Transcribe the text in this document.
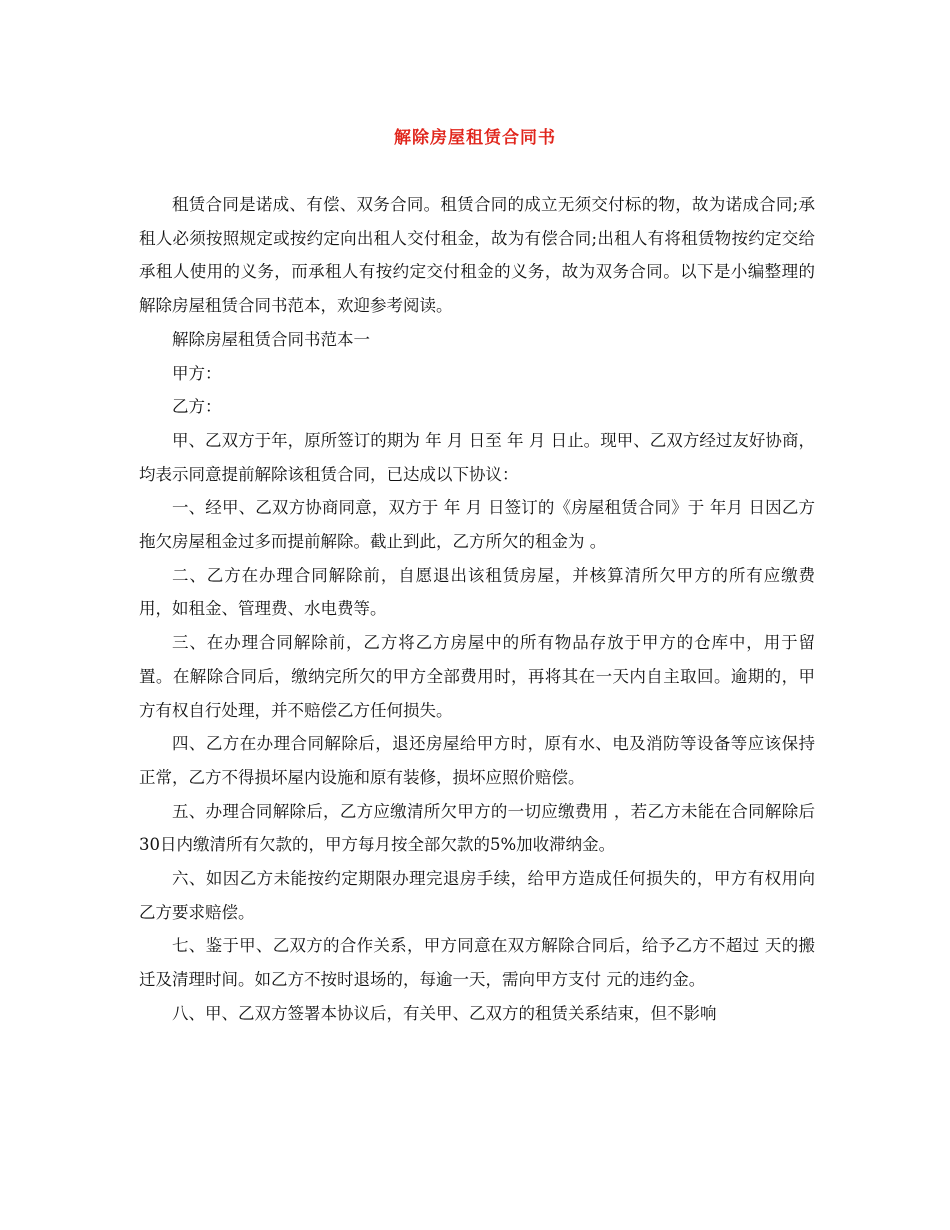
解除房屋租赁合同书

租赁合同是诺成、有偿、双务合同。租赁合同的成立无须交付标的物，故为诺成合同;承租人必须按照规定或按约定向出租人交付租金，故为有偿合同;出租人有将租赁物按约定交给承租人使用的义务，而承租人有按约定交付租金的义务，故为双务合同。以下是小编整理的解除房屋租赁合同书范本，欢迎参考阅读。

解除房屋租赁合同书范本一

甲方：

乙方：

甲、乙双方于年，原所签订的期为 年 月 日至 年 月 日止。现甲、乙双方经过友好协商，均表示同意提前解除该租赁合同，已达成以下协议：

一、经甲、乙双方协商同意，双方于 年 月 日签订的《房屋租赁合同》于 年月 日因乙方拖欠房屋租金过多而提前解除。截止到此，乙方所欠的租金为 。

二、乙方在办理合同解除前，自愿退出该租赁房屋，并核算清所欠甲方的所有应缴费用，如租金、管理费、水电费等。

三、在办理合同解除前，乙方将乙方房屋中的所有物品存放于甲方的仓库中，用于留置。在解除合同后，缴纳完所欠的甲方全部费用时，再将其在一天内自主取回。逾期的，甲方有权自行处理，并不赔偿乙方任何损失。

四、乙方在办理合同解除后，退还房屋给甲方时，原有水、电及消防等设备等应该保持正常，乙方不得损坏屋内设施和原有装修，损坏应照价赔偿。

五、办理合同解除后，乙方应缴清所欠甲方的一切应缴费用 ，若乙方未能在合同解除后30日内缴清所有欠款的，甲方每月按全部欠款的5%加收滞纳金。

六、如因乙方未能按约定期限办理完退房手续，给甲方造成任何损失的，甲方有权用向乙方要求赔偿。

七、鉴于甲、乙双方的合作关系，甲方同意在双方解除合同后，给予乙方不超过 天的搬迁及清理时间。如乙方不按时退场的，每逾一天，需向甲方支付 元的违约金。

八、甲、乙双方签署本协议后，有关甲、乙双方的租赁关系结束，但不影响
